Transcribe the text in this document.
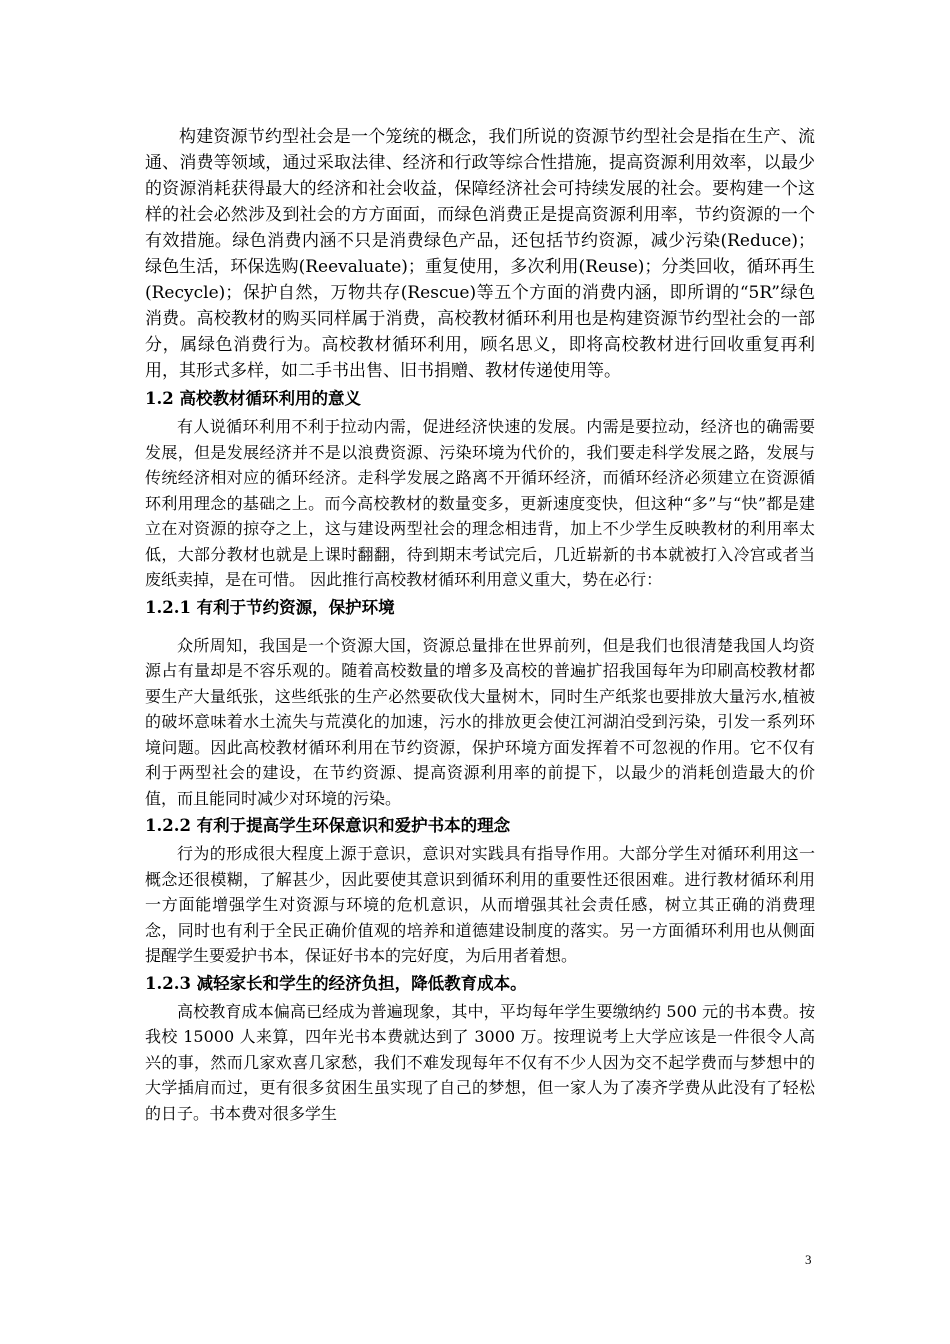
构建资源节约型社会是一个笼统的概念，我们所说的资源节约型社会是指在生产、流通、消费等领域，通过采取法律、经济和行政等综合性措施，提高资源利用效率，以最少的资源消耗获得最大的经济和社会收益，保障经济社会可持续发展的社会。要构建一个这样的社会必然涉及到社会的方方面面，而绿色消费正是提高资源利用率，节约资源的一个有效措施。绿色消费内涵不只是消费绿色产品，还包括节约资源，减少污染(Reduce)；绿色生活，环保选购(Reevaluate)；重复使用，多次利用(Reuse)；分类回收，循环再生(Recycle)；保护自然，万物共存(Rescue)等五个方面的消费内涵，即所谓的“5R”绿色消费。高校教材的购买同样属于消费，高校教材循环利用也是构建资源节约型社会的一部分，属绿色消费行为。高校教材循环利用，顾名思义，即将高校教材进行回收重复再利用，其形式多样，如二手书出售、旧书捐赠、教材传递使用等。

1.2 高校教材循环利用的意义

有人说循环利用不利于拉动内需，促进经济快速的发展。内需是要拉动，经济也的确需要发展，但是发展经济并不是以浪费资源、污染环境为代价的，我们要走科学发展之路，发展与传统经济相对应的循环经济。走科学发展之路离不开循环经济，而循环经济必须建立在资源循环利用理念的基础之上。而今高校教材的数量变多，更新速度变快，但这种“多”与“快”都是建立在对资源的掠夺之上，这与建设两型社会的理念相违背，加上不少学生反映教材的利用率太低，大部分教材也就是上课时翻翻，待到期末考试完后，几近崭新的书本就被打入冷宫或者当废纸卖掉，是在可惜。 因此推行高校教材循环利用意义重大，势在必行：

1.2.1 有利于节约资源，保护环境

众所周知，我国是一个资源大国，资源总量排在世界前列，但是我们也很清楚我国人均资源占有量却是不容乐观的。随着高校数量的增多及高校的普遍扩招我国每年为印刷高校教材都要生产大量纸张，这些纸张的生产必然要砍伐大量树木，同时生产纸浆也要排放大量污水,植被的破坏意味着水土流失与荒漠化的加速，污水的排放更会使江河湖泊受到污染，引发一系列环境问题。因此高校教材循环利用在节约资源，保护环境方面发挥着不可忽视的作用。它不仅有利于两型社会的建设，在节约资源、提高资源利用率的前提下，以最少的消耗创造最大的价值，而且能同时减少对环境的污染。

1.2.2 有利于提高学生环保意识和爱护书本的理念

行为的形成很大程度上源于意识，意识对实践具有指导作用。大部分学生对循环利用这一概念还很模糊，了解甚少，因此要使其意识到循环利用的重要性还很困难。进行教材循环利用一方面能增强学生对资源与环境的危机意识，从而增强其社会责任感，树立其正确的消费理念，同时也有利于全民正确价值观的培养和道德建设制度的落实。另一方面循环利用也从侧面提醒学生要爱护书本，保证好书本的完好度，为后用者着想。

1.2.3 减轻家长和学生的经济负担，降低教育成本。

高校教育成本偏高已经成为普遍现象，其中，平均每年学生要缴纳约 500 元的书本费。按我校 15000 人来算，四年光书本费就达到了 3000 万。按理说考上大学应该是一件很令人高兴的事，然而几家欢喜几家愁，我们不难发现每年不仅有不少人因为交不起学费而与梦想中的大学插肩而过，更有很多贫困生虽实现了自己的梦想，但一家人为了凑齐学费从此没有了轻松的日子。书本费对很多学生

3
